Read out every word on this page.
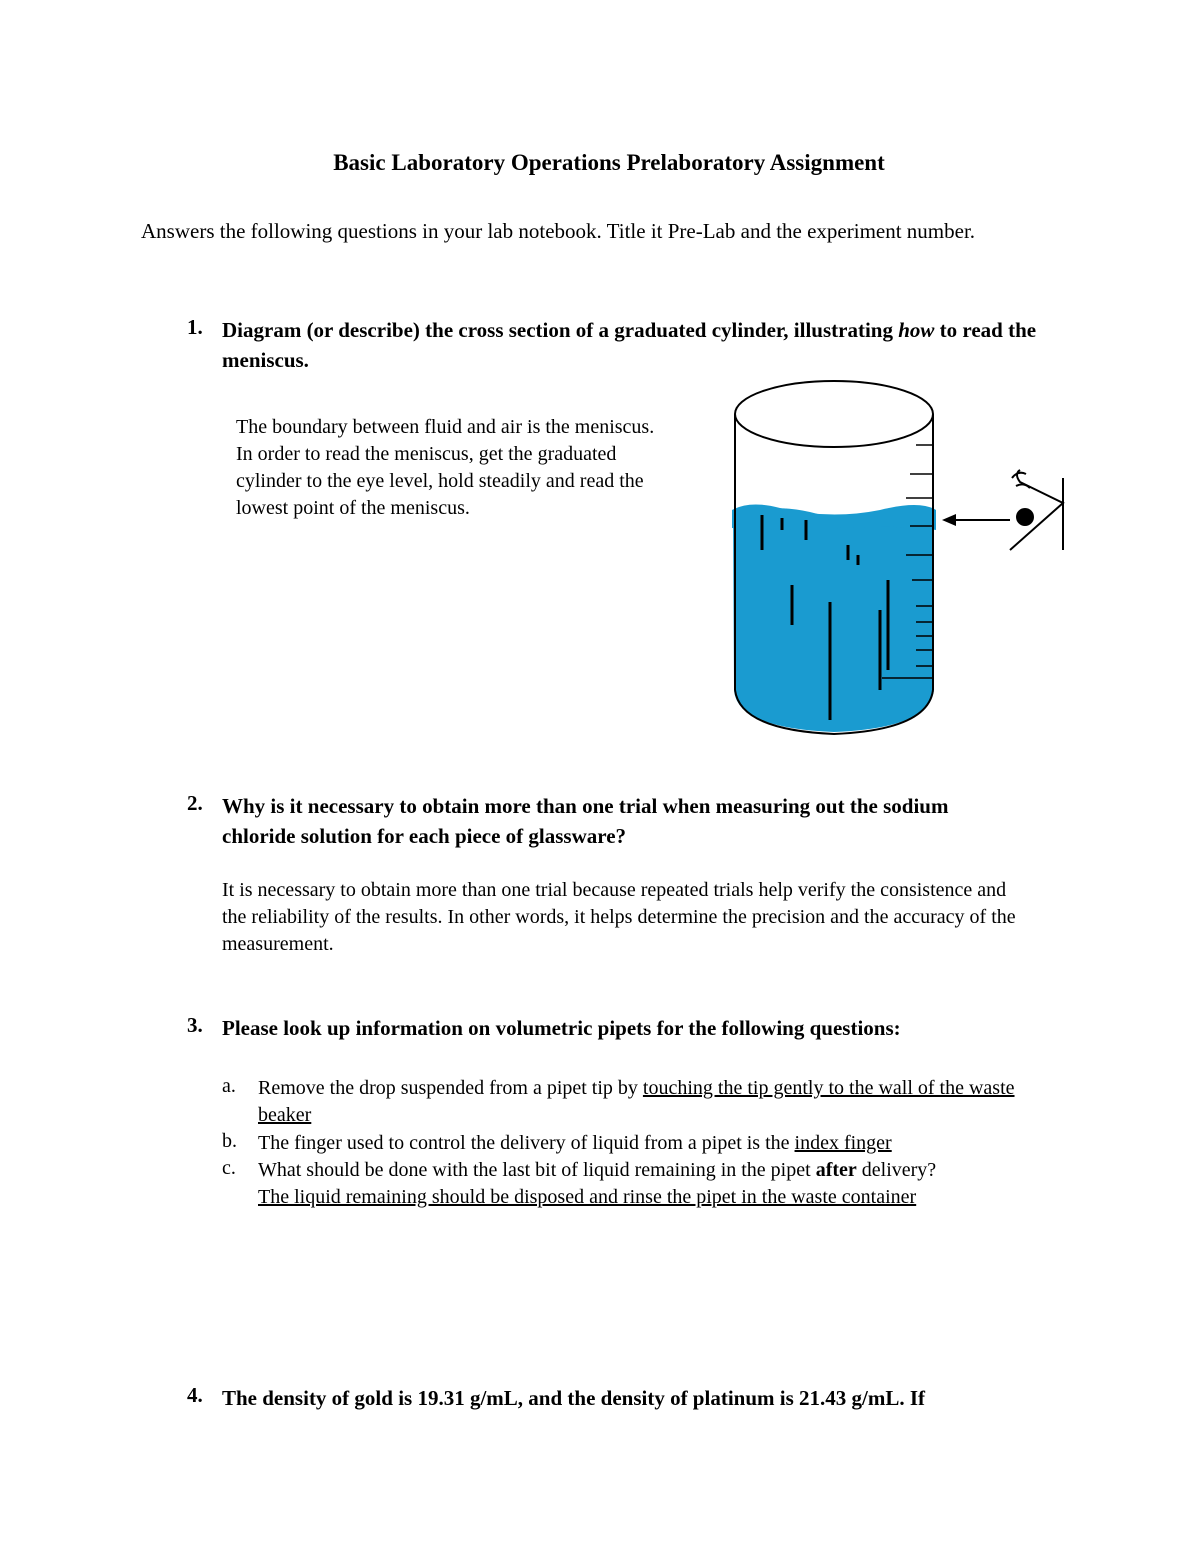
Basic Laboratory Operations Prelaboratory Assignment
Answers the following questions in your lab notebook. Title it Pre-Lab and the experiment number.
1. Diagram (or describe) the cross section of a graduated cylinder, illustrating how to read the meniscus.
The boundary between fluid and air is the meniscus. In order to read the meniscus, get the graduated cylinder to the eye level, hold steadily and read the lowest point of the meniscus.
2. Why is it necessary to obtain more than one trial when measuring out the sodium chloride solution for each piece of glassware?
It is necessary to obtain more than one trial because repeated trials help verify the consistence and the reliability of the results. In other words, it helps determine the precision and the accuracy of the measurement.
3. Please look up information on volumetric pipets for the following questions:
a. Remove the drop suspended from a pipet tip by touching the tip gently to the wall of the waste beaker
b. The finger used to control the delivery of liquid from a pipet is the index finger
c. What should be done with the last bit of liquid remaining in the pipet after delivery?
The liquid remaining should be disposed and rinse the pipet in the waste container
4. The density of gold is 19.31 g/mL, and the density of platinum is 21.43 g/mL. If
